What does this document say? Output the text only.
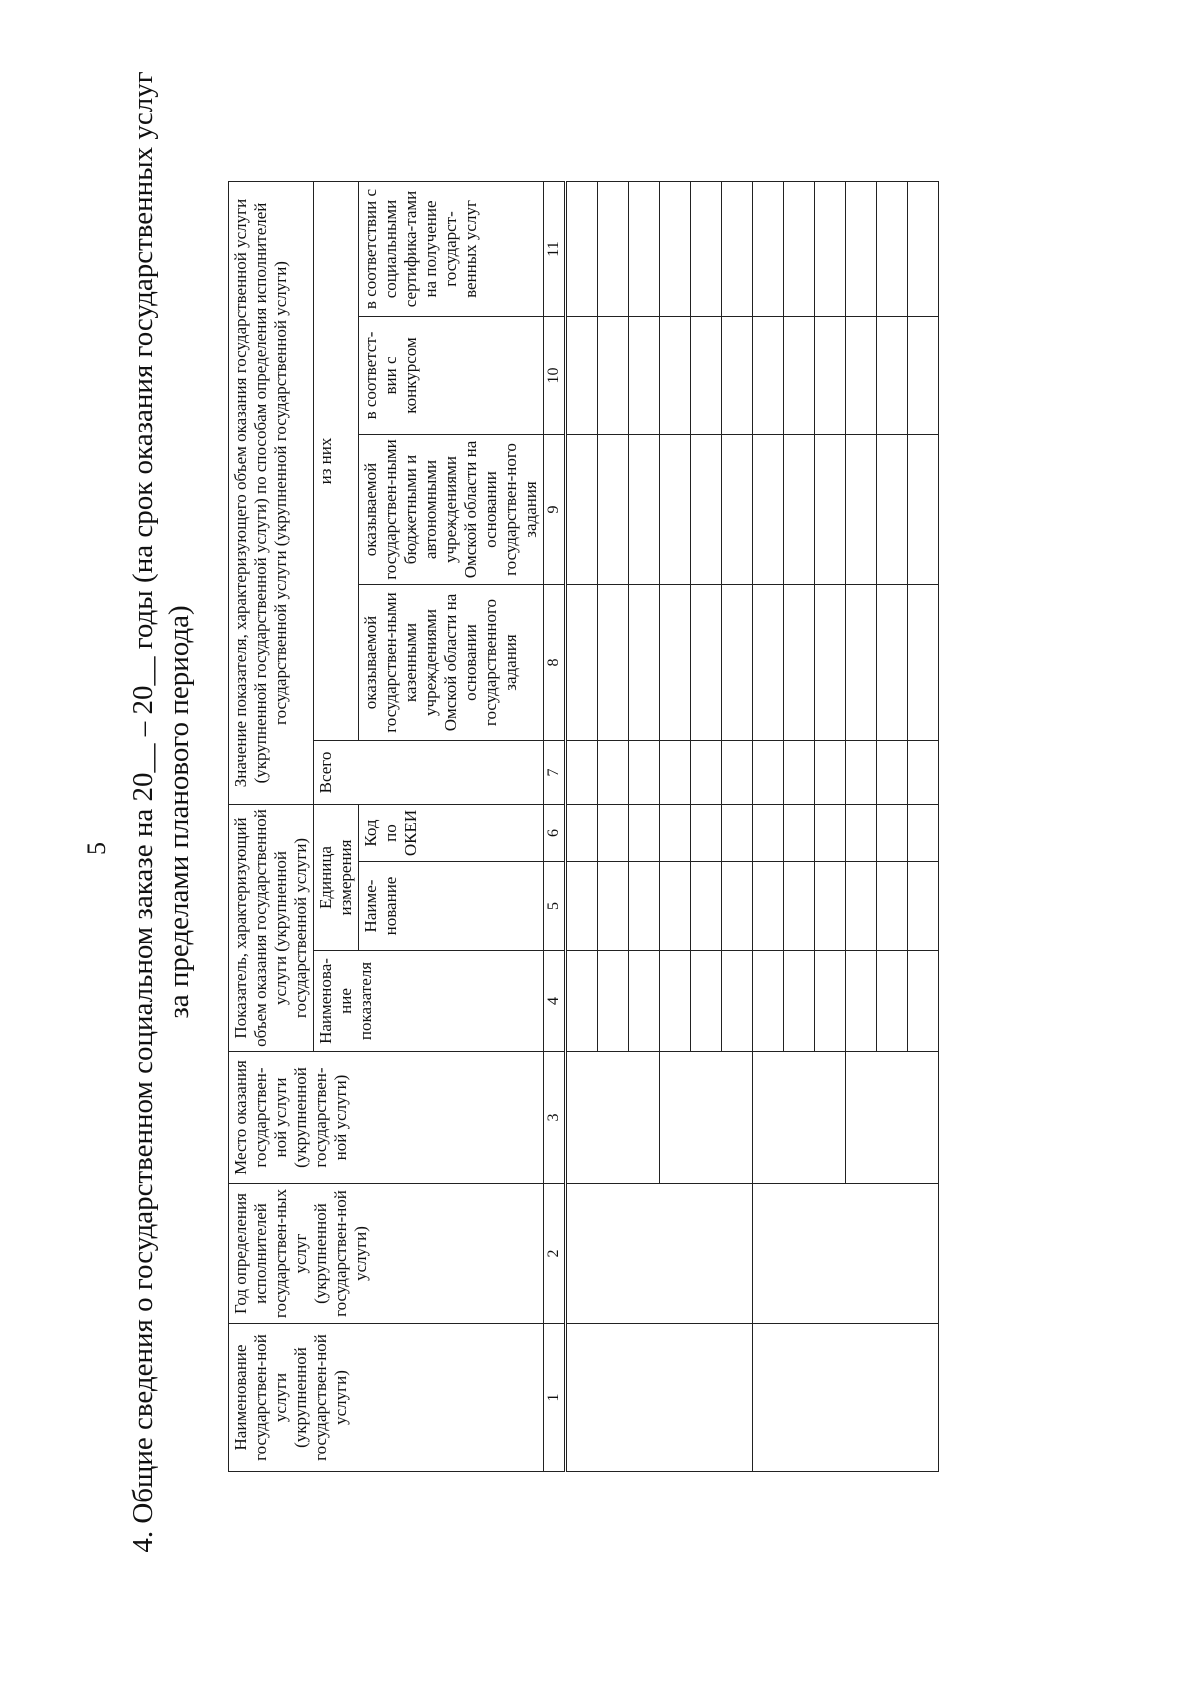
5 4. Общие сведения о государственном социальном заказе на 20__ – 20__ годы (на срок оказания государственных услуг за пределами планового периода)
Наименование государствен-ной услуги (укрупненной государствен-ной услуги)	Год определения исполнителей государствен-ных услуг (укрупненной государствен-ной услуги)	Место оказания государствен-ной услуги (укрупненной государствен-ной услуги)	Показатель, характеризующий объем оказания государственной услуги (укрупненной государственной услуги)			Значение показателя, характеризующего объем оказания государственной услуги (укрупненной государственной услуги) по способам определения исполнителей государственной услуги (укрупненной государственной услуги)				
			Наименова-ние показателя	Единица измерения		Всего	из них			
				Наиме-нование	Код по ОКЕИ		оказываемой государствен-ными казенными учреждениями Омской области на основании государственного задания	оказываемой государствен-ными бюджетными и автономными учреждениями Омской области на основании государствен-ного задания	в соответст-вии с конкурсом	в соответствии с социальными сертифика-тами на получение государст-венных услуг
1	2	3	4	5	6	7	8	9	10	11
